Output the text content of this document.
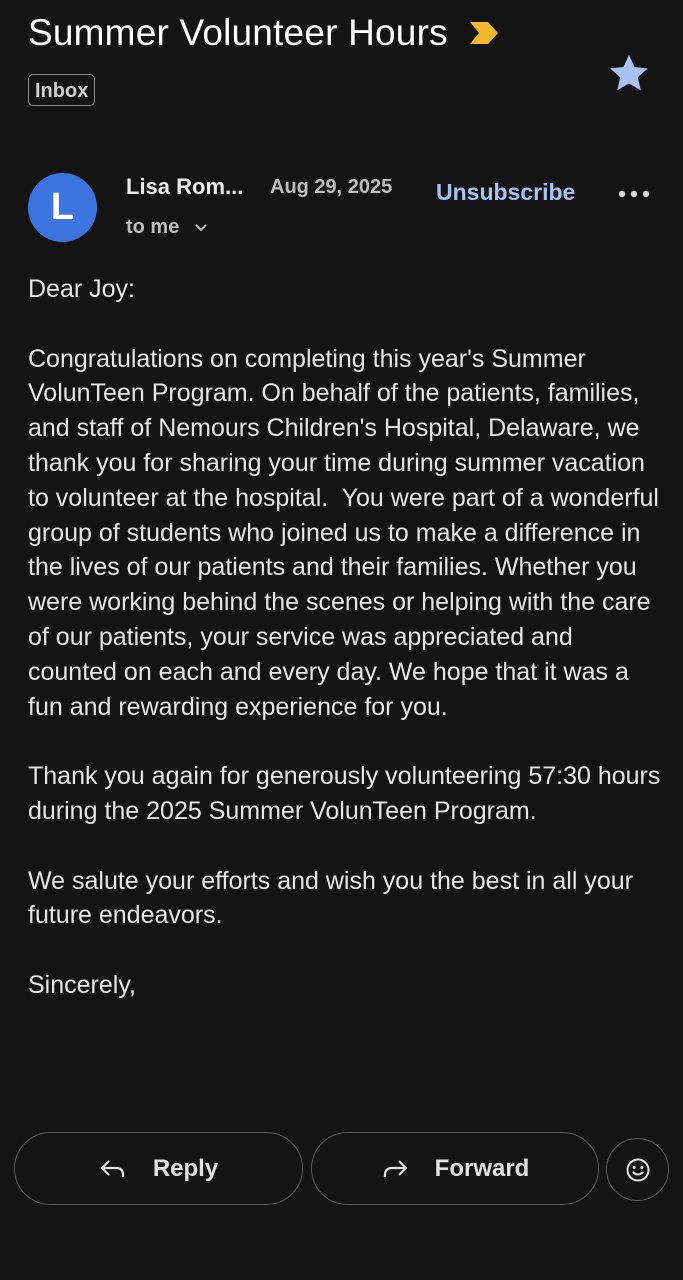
Summer Volunteer Hours
Inbox
L	Lisa Rom... Aug 29, 2025 Unsubscribe
to me

Dear Joy:

Congratulations on completing this year's Summer VolunTeen Program. On behalf of the patients, families, and staff of Nemours Children's Hospital, Delaware, we thank you for sharing your time during summer vacation to volunteer at the hospital.  You were part of a wonderful group of students who joined us to make a difference in the lives of our patients and their families. Whether you were working behind the scenes or helping with the care of our patients, your service was appreciated and counted on each and every day. We hope that it was a fun and rewarding experience for you.

Thank you again for generously volunteering 57:30 hours during the 2025 Summer VolunTeen Program.

We salute your efforts and wish you the best in all your future endeavors.

Sincerely,

Reply	Forward
